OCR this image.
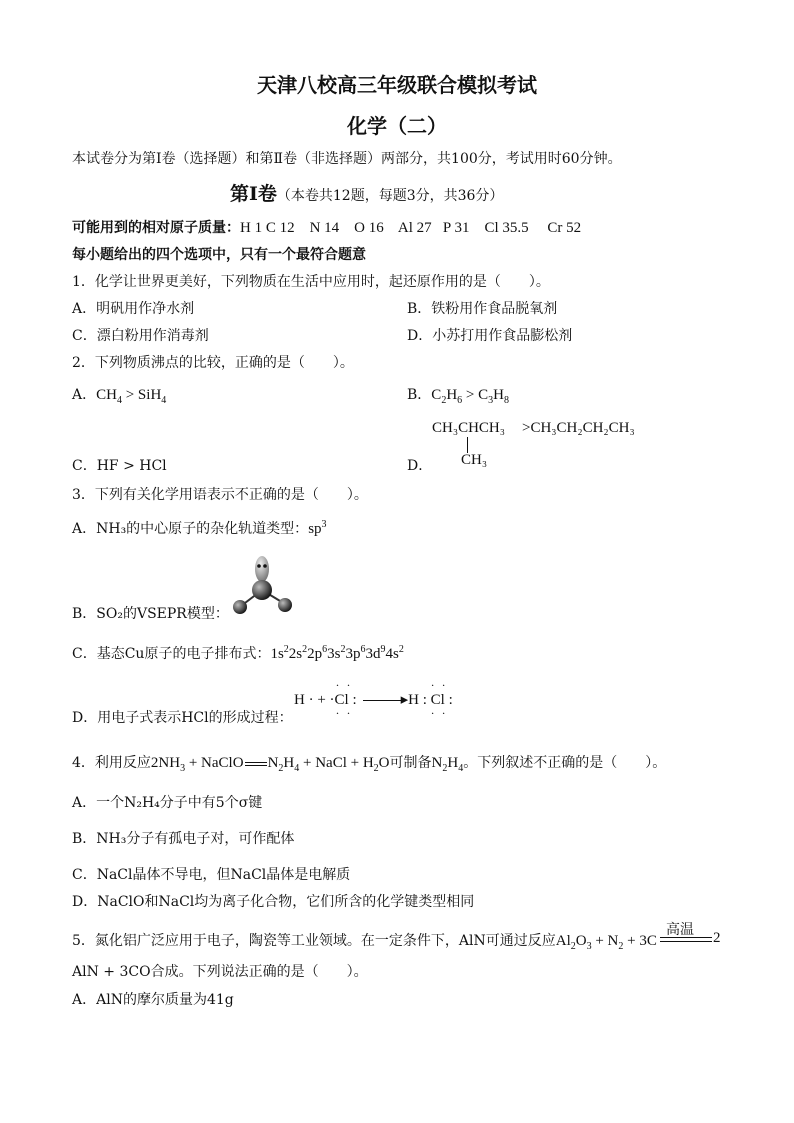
天津八校高三年级联合模拟考试
化学（二）
本试卷分为第Ⅰ卷（选择题）和第Ⅱ卷（非选择题）两部分，共100分，考试用时60分钟。
第Ⅰ卷（本卷共12题，每题3分，共36分）
可能用到的相对原子质量：H 1 C 12    N 14    O 16    Al 27   P 31    Cl 35.5     Cr 52
每小题给出的四个选项中，只有一个最符合题意
1．化学让世界更美好，下列物质在生活中应用时，起还原作用的是（　　）。
A．明矾用作净水剂	B．铁粉用作食品脱氧剂
C．漂白粉用作消毒剂	D．小苏打用作食品膨松剂
2．下列物质沸点的比较，正确的是（　　）。
A．$CH_4 > SiH_4$	B．$C_2H_6 > C_3H_8$
CH₃CHCH₃ >CH₃CH₂CH₂CH₃
CH₃
C．HF > HCl	D．
3．下列有关化学用语表示不正确的是（　　）。
A．NH₃的中心原子的杂化轨道类型：$sp^3$
B．SO₂的VSEPR模型：
C．基态Cu原子的电子排布式：$1s^22s^22p^63s^23p^63d^94s^2$
D．用电子式表示HCl的形成过程：
H · + ·Cl :
· ·
· ·
▸H : Cl :
· ·
· ·
4．利用反应$2NH_3$ + NaClO $N_2H_4$ + NaCl + $H_2O$可制备$N_2H_4$。下列叙述不正确的是（　　）。
A．一个N₂H₄分子中有5个σ键
B．NH₃分子有孤电子对，可作配体
C．NaCl晶体不导电，但NaCl晶体是电解质
D．NaClO和NaCl均为离子化合物，它们所含的化学键类型相同
5．氮化铝广泛应用于电子，陶瓷等工业领域。在一定条件下，AlN可通过反应$Al_2O_3 + N_2 + 3C$
高温 2
AlN + 3CO合成。下列说法正确的是（　　）。
A．AlN的摩尔质量为41g
